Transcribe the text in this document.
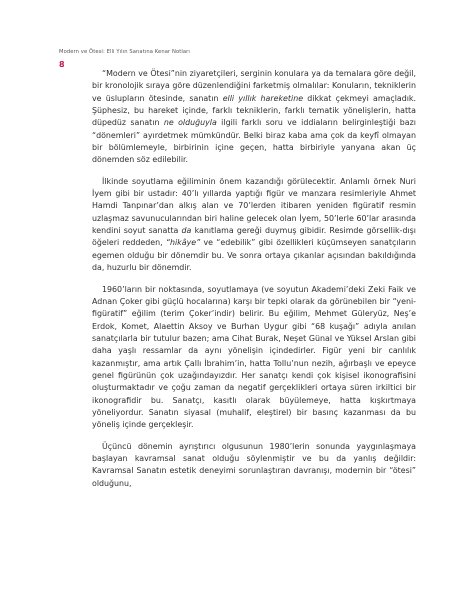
Modern ve Ötesi: Elli Yılın Sanatına Kenar Notları
8

“Modern ve Ötesi”nin ziyaretçileri, serginin konulara ya da temalara göre değil, bir kronolojik sıraya göre düzenlendiğini farketmiş olmalılar: Konuların, tekniklerin ve üslupların ötesinde, sanatın elli yıllık hareketine dikkat çekmeyi amaçladık. Şüphesiz, bu hareket içinde, farklı tekniklerin, farklı tematik yönelişlerin, hatta düpedüz sanatın ne olduğuyla ilgili farklı soru ve iddiaların belirginleştiği bazı “dönemleri” ayırdetmek mümkündür. Belki biraz kaba ama çok da keyfî olmayan bir bölümlemeyle, birbirinin içine geçen, hatta birbiriyle yanyana akan üç dönemden söz edilebilir.

İlkinde soyutlama eğiliminin önem kazandığı görülecektir. Anlamlı örnek Nuri İyem gibi bir ustadır: 40’lı yıllarda yaptığı figür ve manzara resimleriyle Ahmet Hamdi Tanpınar’dan alkış alan ve 70’lerden itibaren yeniden figüratif resmin uzlaşmaz savunucularından biri haline gelecek olan İyem, 50’lerle 60’lar arasında kendini soyut sanatta da kanıtlama gereği duymuş gibidir. Resimde görsellik-dışı öğeleri reddeden, “hikâye” ve “edebilik” gibi özellikleri küçümseyen sanatçıların egemen olduğu bir dönemdir bu. Ve sonra ortaya çıkanlar açısından bakıldığında da, huzurlu bir dönemdir.

1960’ların bir noktasında, soyutlamaya (ve soyutun Akademi’deki Zeki Faik ve Adnan Çoker gibi güçlü hocalarına) karşı bir tepki olarak da görünebilen bir “yeni-figüratif” eğilim (terim Çoker’indir) belirir. Bu eğilim, Mehmet Güleryüz, Neş’e Erdok, Komet, Alaettin Aksoy ve Burhan Uygur gibi “68 kuşağı” adıyla anılan sanatçılarla bir tutulur bazen; ama Cihat Burak, Neşet Günal ve Yüksel Arslan gibi daha yaşlı ressamlar da aynı yönelişin içindedirler. Figür yeni bir canlılık kazanmıştır, ama artık Çallı İbrahim’in, hatta Tollu’nun nezih, ağırbaşlı ve epeyce genel figürünün çok uzağındayızdır. Her sanatçı kendi çok kişisel ikonografisini oluşturmaktadır ve çoğu zaman da negatif gerçeklikleri ortaya süren irkiltici bir ikonografidir bu. Sanatçı, kasıtlı olarak büyülemeye, hatta kışkırtmaya yöneliyordur. Sanatın siyasal (muhalif, eleştirel) bir basınç kazanması da bu yöneliş içinde gerçekleşir.

Üçüncü dönemin ayrıştırıcı olgusunun 1980’lerin sonunda yaygınlaşmaya başlayan kavramsal sanat olduğu söylenmiştir ve bu da yanlış değildir: Kavramsal Sanatın estetik deneyimi sorunlaştıran davranışı, modernin bir “ötesi” olduğunu,
